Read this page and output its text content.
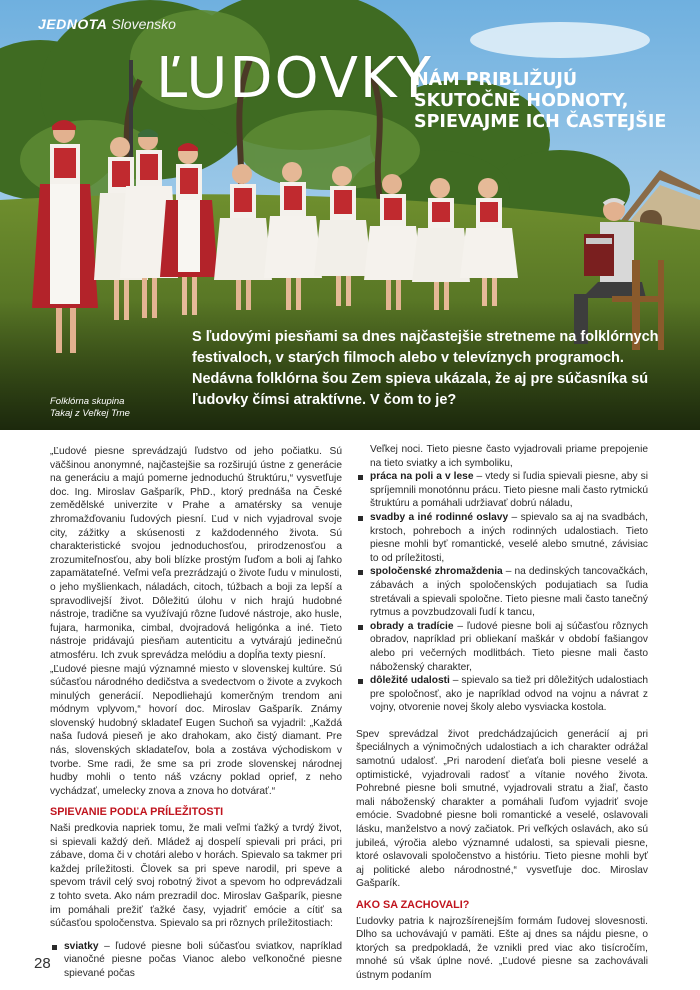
JEDNOTA Slovensko
ĽUDOVKY
NÁM PRIBLIŽUJÚ SKUTOČNÉ HODNOTY, SPIEVAJME ICH ČASTEJŠIE
Folklórna skupina
Takaj z Veľkej Trne
S ľudovými piesňami sa dnes najčastejšie stretneme na folklórnych festivaloch, v starých filmoch alebo v televíznych programoch. Nedávna folklórna šou Zem spieva ukázala, že aj pre súčasníka sú ľudovky čímsi atraktívne. V čom to je?

„Ľudové piesne sprevádzajú ľudstvo od jeho počiatku. Sú väčšinou anonymné, najčastejšie sa rozširujú ústne z generácie na generáciu a majú pomerne jednoduchú štruktúru,“ vysvetľuje doc. Ing. Miroslav Gašparík, PhD., ktorý prednáša na České zemědělské univerzite v Prahe a amatérsky sa venuje zhromažďovaniu ľudových piesní. Ľud v nich vyjadroval svoje city, zážitky a skúsenosti z každodenného života. Sú charakteristické svojou jednoduchosťou, prirodzenosťou a zrozumiteľnosťou, aby boli blízke prostým ľuďom a boli aj ľahko zapamätateľné. Veľmi veľa prezrádzajú o živote ľudu v minulosti, o jeho myšlienkach, náladách, citoch, túžbach a boji za lepší a spravodlivejší život. Dôležitú úlohu v nich hrajú hudobné nástroje, tradične sa využívajú rôzne ľudové nástroje, ako husle, fujara, harmonika, cimbal, dvojradová heligónka a iné. Tieto nástroje pridávajú piesňam autenticitu a vytvárajú jedinečnú atmosféru. Ich zvuk sprevádza melódiu a dopĺňa texty piesní.

„Ľudové piesne majú významné miesto v slovenskej kultúre. Sú súčasťou národného dedičstva a svedectvom o živote a zvykoch minulých generácií. Nepodliehajú komerčným trendom ani módnym vplyvom,“ hovorí doc. Miroslav Gašparík. Známy slovenský hudobný skladateľ Eugen Suchoň sa vyjadril: „Každá naša ľudová pieseň je ako drahokam, ako čistý diamant. Pre nás, slovenských skladateľov, bola a zostáva východiskom v tvorbe. Sme radi, že sme sa pri zrode slovenskej národnej hudby mohli o tento náš vzácny poklad oprief, z neho vychádzať, umelecky znova a znova ho dotvárať.“

SPIEVANIE PODĽA PRÍLEŽITOSTI

Naši predkovia napriek tomu, že mali veľmi ťažký a tvrdý život, si spievali každý deň. Mládež aj dospelí spievali pri práci, pri zábave, doma či v chotári alebo v horách. Spievalo sa takmer pri každej príležitosti. Človek sa pri speve narodil, pri speve a spevom trávil celý svoj robotný život a spevom ho odprevádzali z tohto sveta. Ako nám prezradil doc. Miroslav Gašparík, piesne im pomáhali prežiť ťažké časy, vyjadriť emócie a cítiť sa súčasťou spoločenstva. Spievalo sa pri rôznych príležitostiach:

sviatky – ľudové piesne boli súčasťou sviatkov, napríklad vianočné piesne počas Vianoc alebo veľkonočné piesne spievané počas

Veľkej noci. Tieto piesne často vyjadrovali priame prepojenie na tieto sviatky a ich symboliku,

práca na poli a v lese – vtedy si ľudia spievali piesne, aby si spríjemnili monotónnu prácu. Tieto piesne mali často rytmickú štruktúru a pomáhali udržiavať dobrú náladu,
svadby a iné rodinné oslavy – spievalo sa aj na svadbách, krstoch, pohreboch a iných rodinných udalostiach. Tieto piesne mohli byť romantické, veselé alebo smutné, závisiac to od príležitosti,
spoločenské zhromaždenia – na dedinských tancovačkách, zábavách a iných spoločenských podujatiach sa ľudia stretávali a spievali spoločne. Tieto piesne mali často tanečný rytmus a povzbudzovali ľudí k tancu,
obrady a tradície – ľudové piesne boli aj súčasťou rôznych obradov, napríklad pri obliekaní maškár v období fašiangov alebo pri večerných modlitbách. Tieto piesne mali často náboženský charakter,
dôležité udalosti – spievalo sa tiež pri dôležitých udalostiach pre spoločnosť, ako je napríklad odvod na vojnu a návrat z vojny, otvorenie novej školy alebo vysviacka kostola.

Spev sprevádzal život predchádzajúcich generácií aj pri špeciálnych a výnimočných udalostiach a ich charakter odrážal samotnú udalosť. „Pri narodení dieťaťa boli piesne veselé a optimistické, vyjadrovali radosť a vítanie nového života. Pohrebné piesne boli smutné, vyjadrovali stratu a žiaľ, často mali náboženský charakter a pomáhali ľuďom vyjadriť svoje emócie. Svadobné piesne boli romantické a veselé, oslavovali lásku, manželstvo a nový začiatok. Pri veľkých oslavách, ako sú jubileá, výročia alebo významné udalosti, sa spievali piesne, ktoré oslavovali spoločenstvo a históriu. Tieto piesne mohli byť aj politické alebo národnostné,“ vysvetľuje doc. Miroslav Gašparík.

AKO SA ZACHOVALI?

Ľudovky patria k najrozšírenejším formám ľudovej slovesnosti. Dlho sa uchovávajú v pamäti. Ešte aj dnes sa nájdu piesne, o ktorých sa predpokladá, že vznikli pred viac ako tisícročím, mnohé sú však úplne nové. „Ľudové piesne sa zachovávali ústnym podaním

28
